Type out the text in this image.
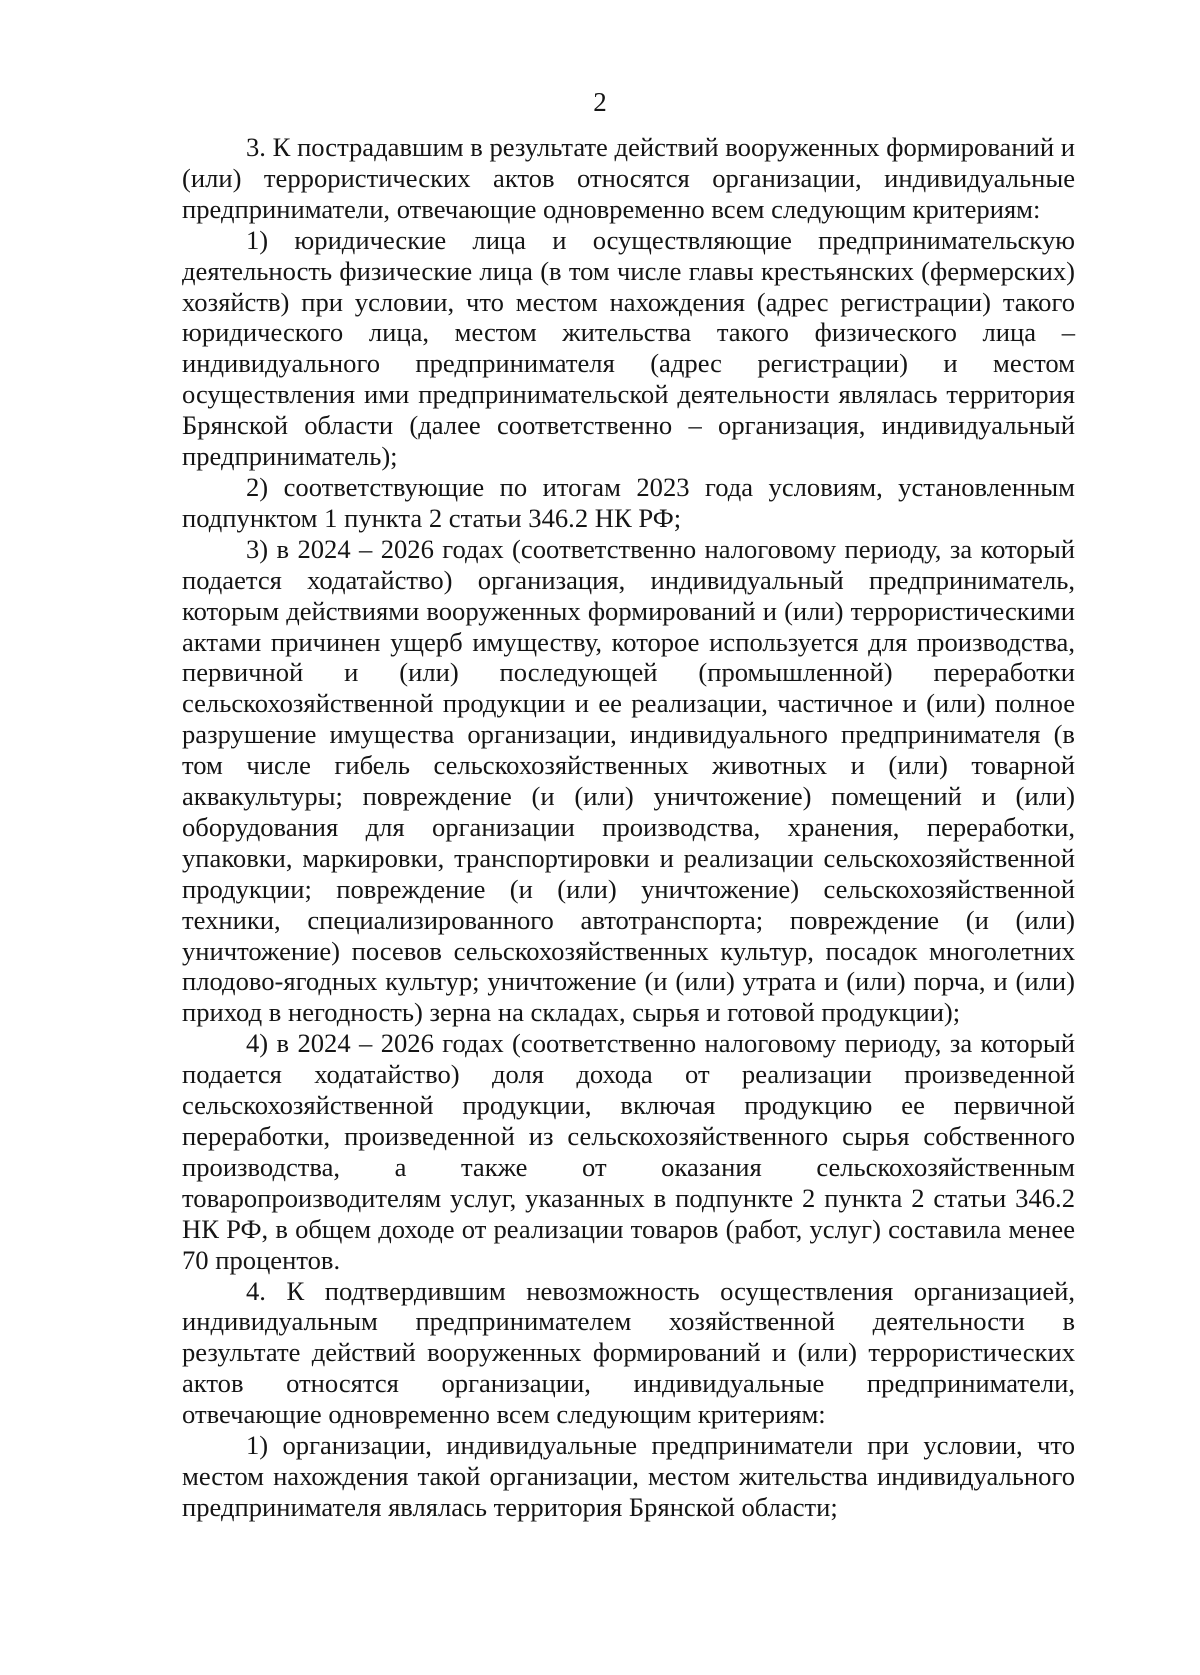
2

3. К пострадавшим в результате действий вооруженных формирований и (или) террористических актов относятся организации, индивидуальные предприниматели, отвечающие одновременно всем следующим критериям:

1) юридические лица и осуществляющие предпринимательскую деятельность физические лица (в том числе главы крестьянских (фермерских) хозяйств) при условии, что местом нахождения (адрес регистрации) такого юридического лица, местом жительства такого физического лица – индивидуального предпринимателя (адрес регистрации) и местом осуществления ими предпринимательской деятельности являлась территория Брянской области (далее соответственно – организация, индивидуальный предприниматель);

2) соответствующие по итогам 2023 года условиям, установленным подпунктом 1 пункта 2 статьи 346.2 НК РФ;

3) в 2024 – 2026 годах (соответственно налоговому периоду, за который подается ходатайство) организация, индивидуальный предприниматель, которым действиями вооруженных формирований и (или) террористическими актами причинен ущерб имуществу, которое используется для производства, первичной и (или) последующей (промышленной) переработки сельскохозяйственной продукции и ее реализации, частичное и (или) полное разрушение имущества организации, индивидуального предпринимателя (в том числе гибель сельскохозяйственных животных и (или) товарной аквакультуры; повреждение (и (или) уничтожение) помещений и (или) оборудования для организации производства, хранения, переработки, упаковки, маркировки, транспортировки и реализации сельскохозяйственной продукции; повреждение (и (или) уничтожение) сельскохозяйственной техники, специализированного автотранспорта; повреждение (и (или) уничтожение) посевов сельскохозяйственных культур, посадок многолетних плодово-ягодных культур; уничтожение (и (или) утрата и (или) порча, и (или) приход в негодность) зерна на складах, сырья и готовой продукции);

4) в 2024 – 2026 годах (соответственно налоговому периоду, за который подается ходатайство) доля дохода от реализации произведенной сельскохозяйственной продукции, включая продукцию ее первичной переработки, произведенной из сельскохозяйственного сырья собственного производства, а также от оказания сельскохозяйственным товаропроизводителям услуг, указанных в подпункте 2 пункта 2 статьи 346.2 НК РФ, в общем доходе от реализации товаров (работ, услуг) составила менее 70 процентов.

4. К подтвердившим невозможность осуществления организацией, индивидуальным предпринимателем хозяйственной деятельности в результате действий вооруженных формирований и (или) террористических актов относятся организации, индивидуальные предприниматели, отвечающие одновременно всем следующим критериям:

1) организации, индивидуальные предприниматели при условии, что местом нахождения такой организации, местом жительства индивидуального предпринимателя являлась территория Брянской области;
